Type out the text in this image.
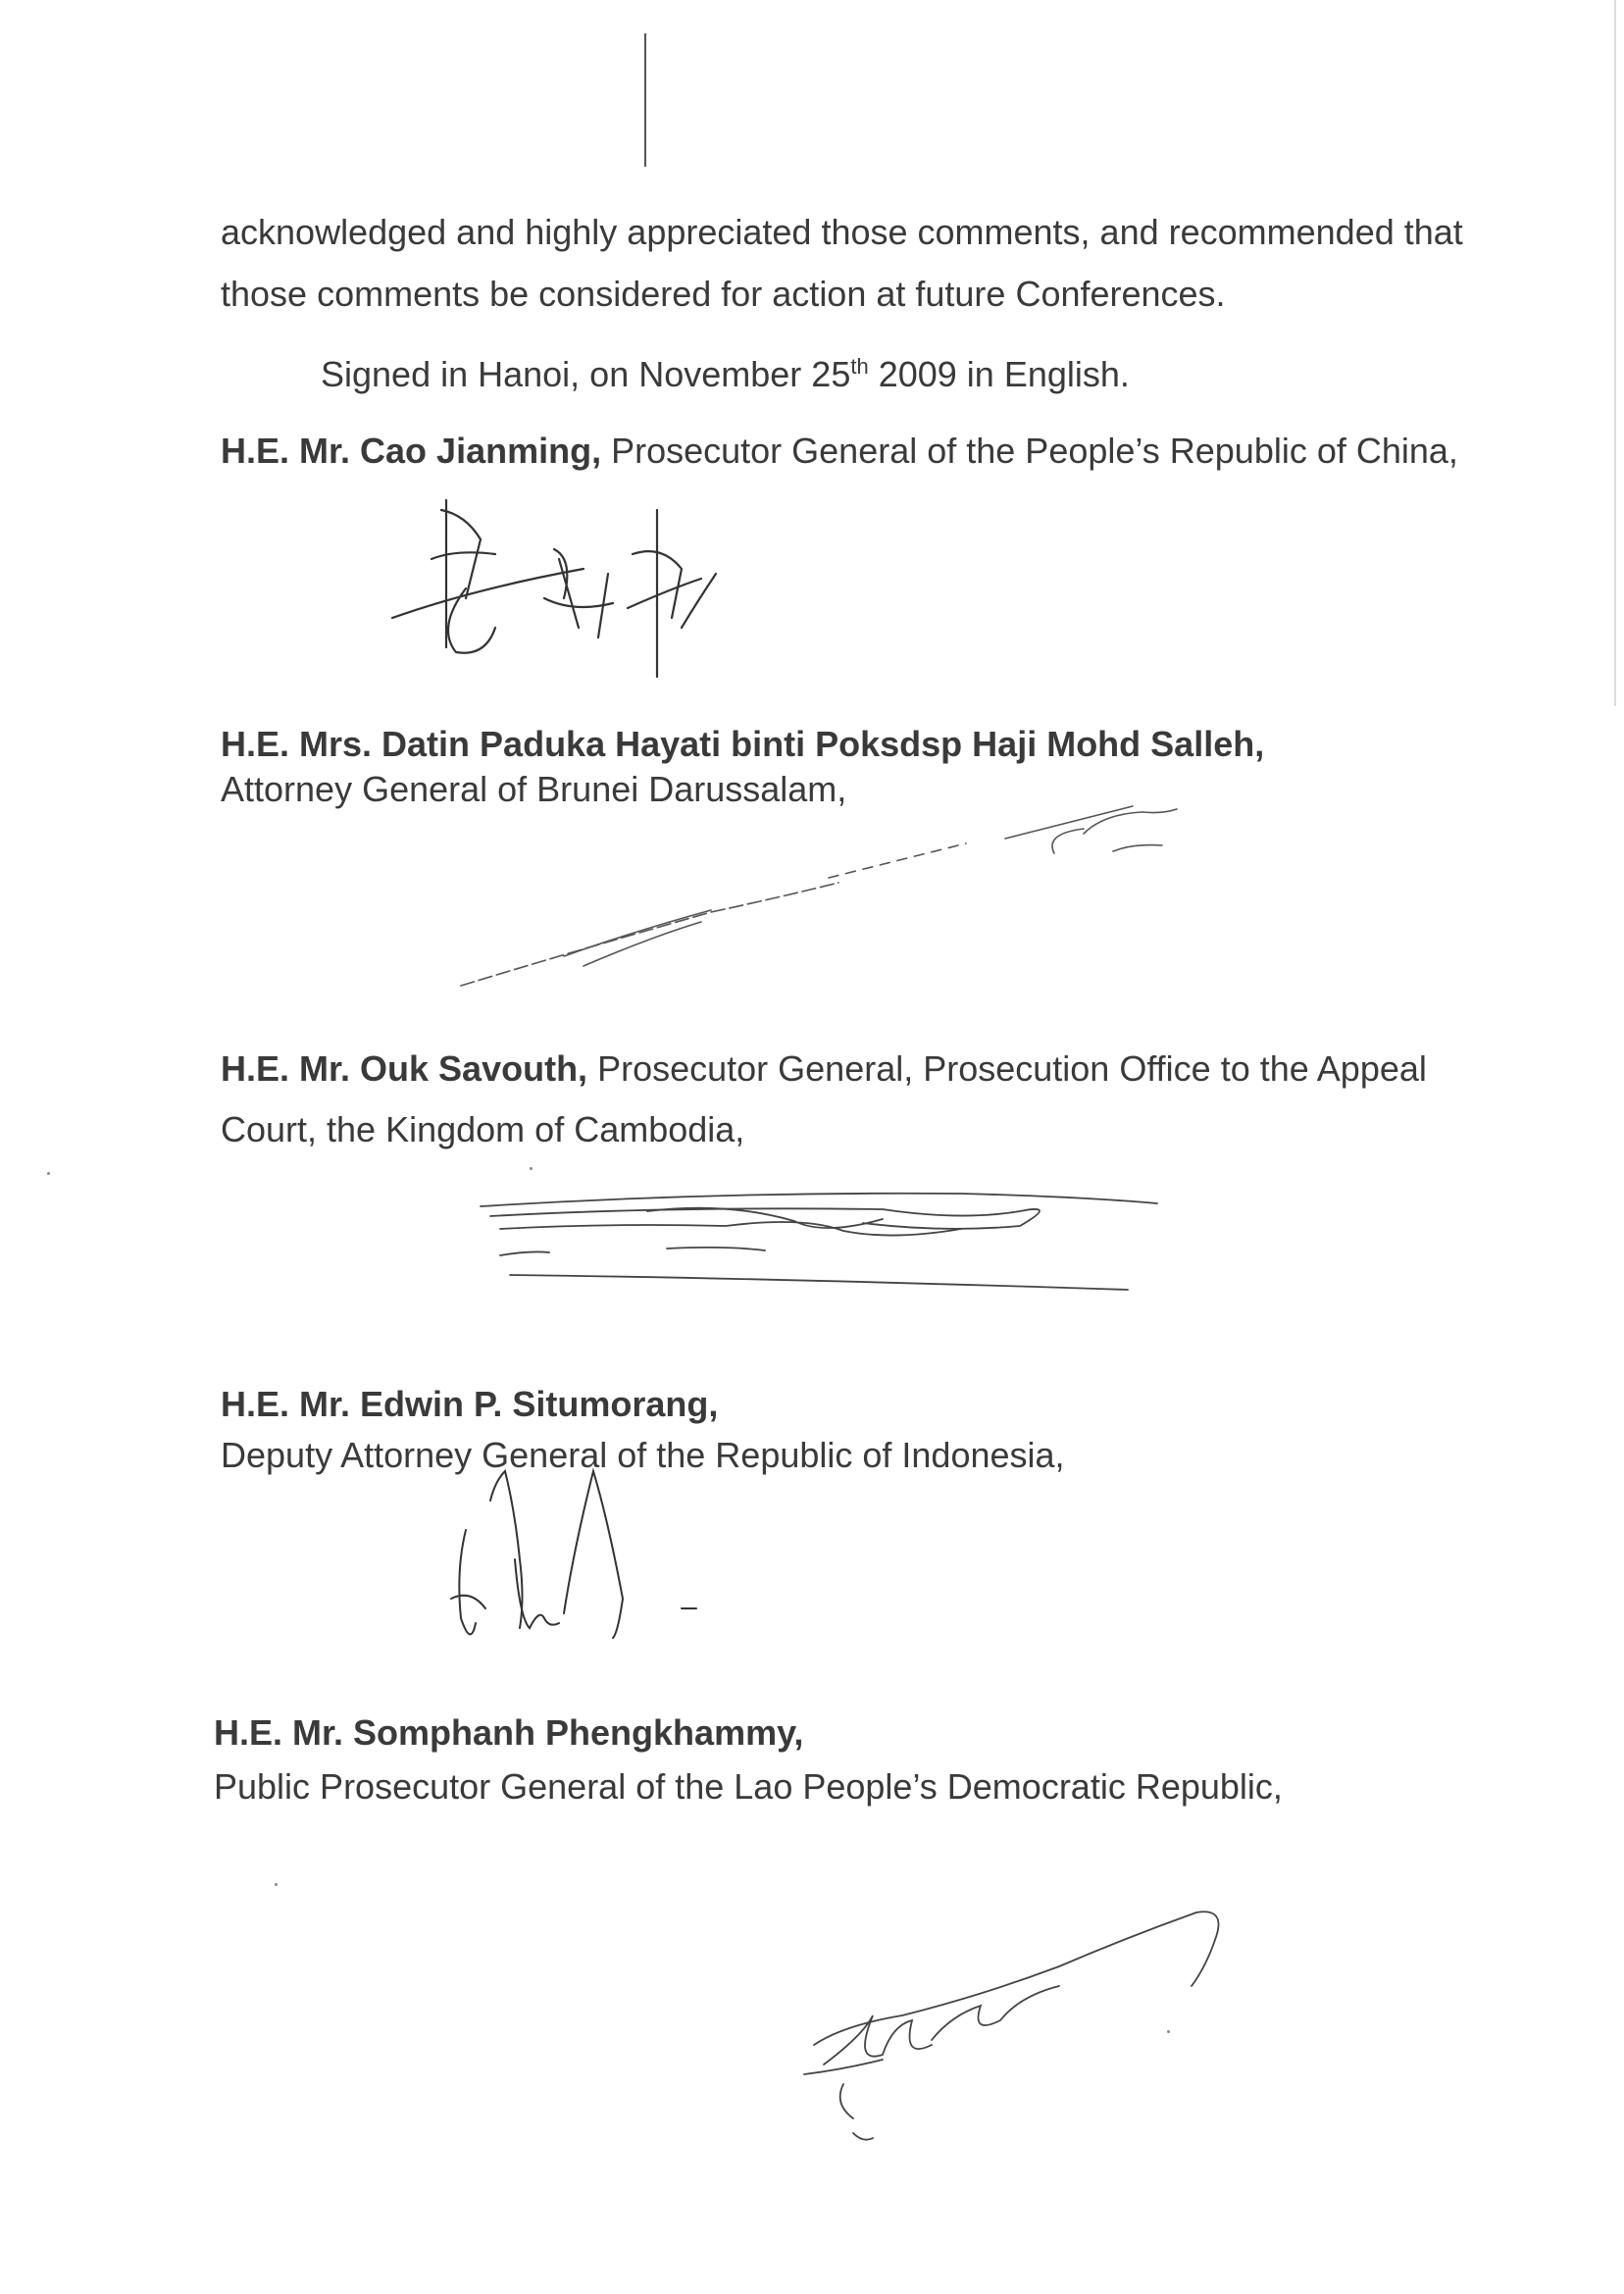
acknowledged and highly appreciated those comments, and recommended that
those comments be considered for action at future Conferences.
Signed in Hanoi, on November 25th 2009 in English.
H.E. Mr. Cao Jianming, Prosecutor General of the People’s Republic of China,
H.E. Mrs. Datin Paduka Hayati binti Poksdsp Haji Mohd Salleh,
Attorney General of Brunei Darussalam,
H.E. Mr. Ouk Savouth, Prosecutor General, Prosecution Office to the Appeal
Court, the Kingdom of Cambodia,
H.E. Mr. Edwin P. Situmorang,
Deputy Attorney General of the Republic of Indonesia,
H.E. Mr. Somphanh Phengkhammy,
Public Prosecutor General of the Lao People’s Democratic Republic,
